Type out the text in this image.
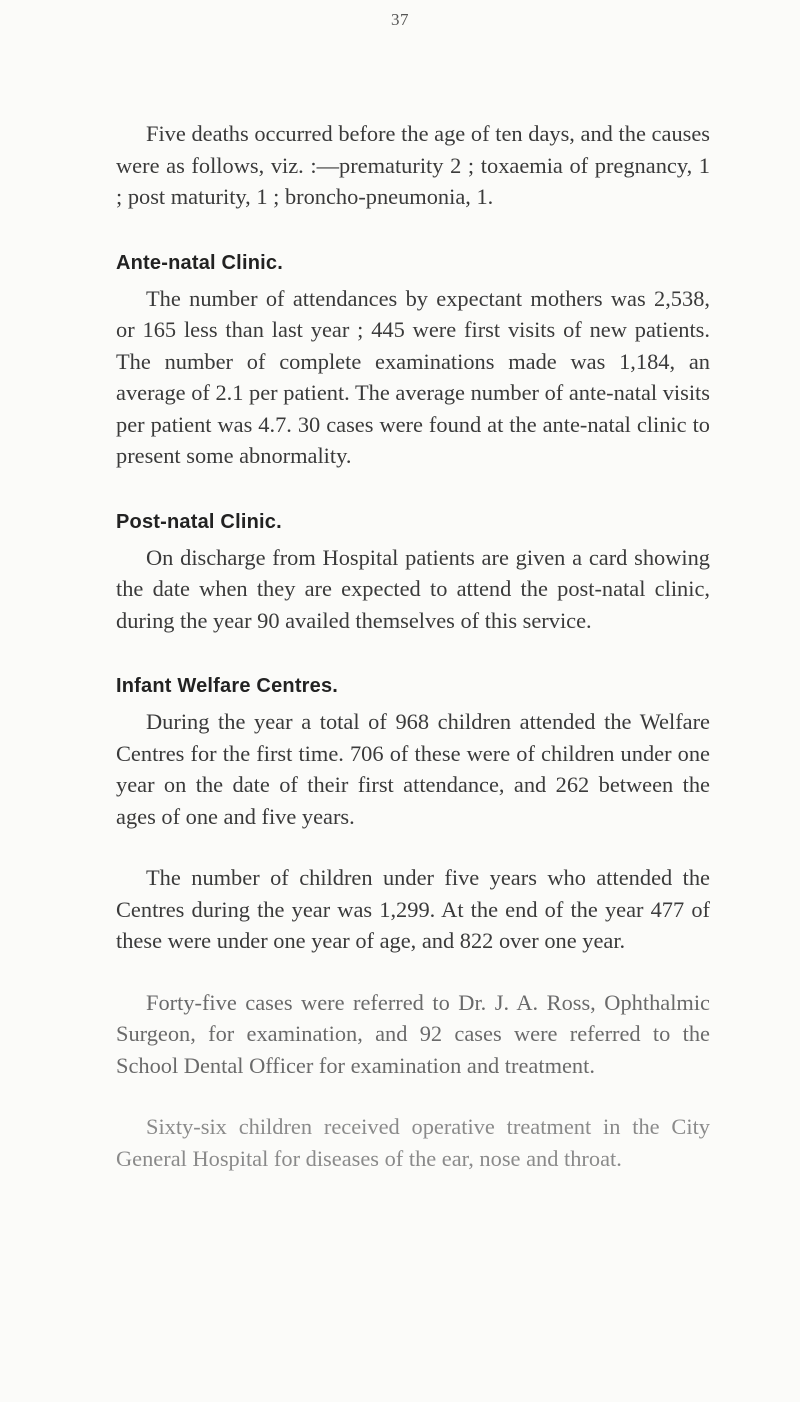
37

Five deaths occurred before the age of ten days, and the causes were as follows, viz. :—prematurity 2 ; toxaemia of pregnancy, 1 ; post maturity, 1 ; broncho-pneumonia, 1.

Ante-natal Clinic.

The number of attendances by expectant mothers was 2,538, or 165 less than last year ; 445 were first visits of new patients. The number of complete examinations made was 1,184, an average of 2.1 per patient. The average number of ante-natal visits per patient was 4.7. 30 cases were found at the ante-natal clinic to present some abnormality.

Post-natal Clinic.

On discharge from Hospital patients are given a card showing the date when they are expected to attend the post-natal clinic, during the year 90 availed themselves of this service.

Infant Welfare Centres.

During the year a total of 968 children attended the Welfare Centres for the first time. 706 of these were of children under one year on the date of their first attendance, and 262 between the ages of one and five years.

The number of children under five years who attended the Centres during the year was 1,299. At the end of the year 477 of these were under one year of age, and 822 over one year.

Forty-five cases were referred to Dr. J. A. Ross, Ophthalmic Surgeon, for examination, and 92 cases were referred to the School Dental Officer for examination and treatment.

Sixty-six children received operative treatment in the City General Hospital for diseases of the ear, nose and throat.
